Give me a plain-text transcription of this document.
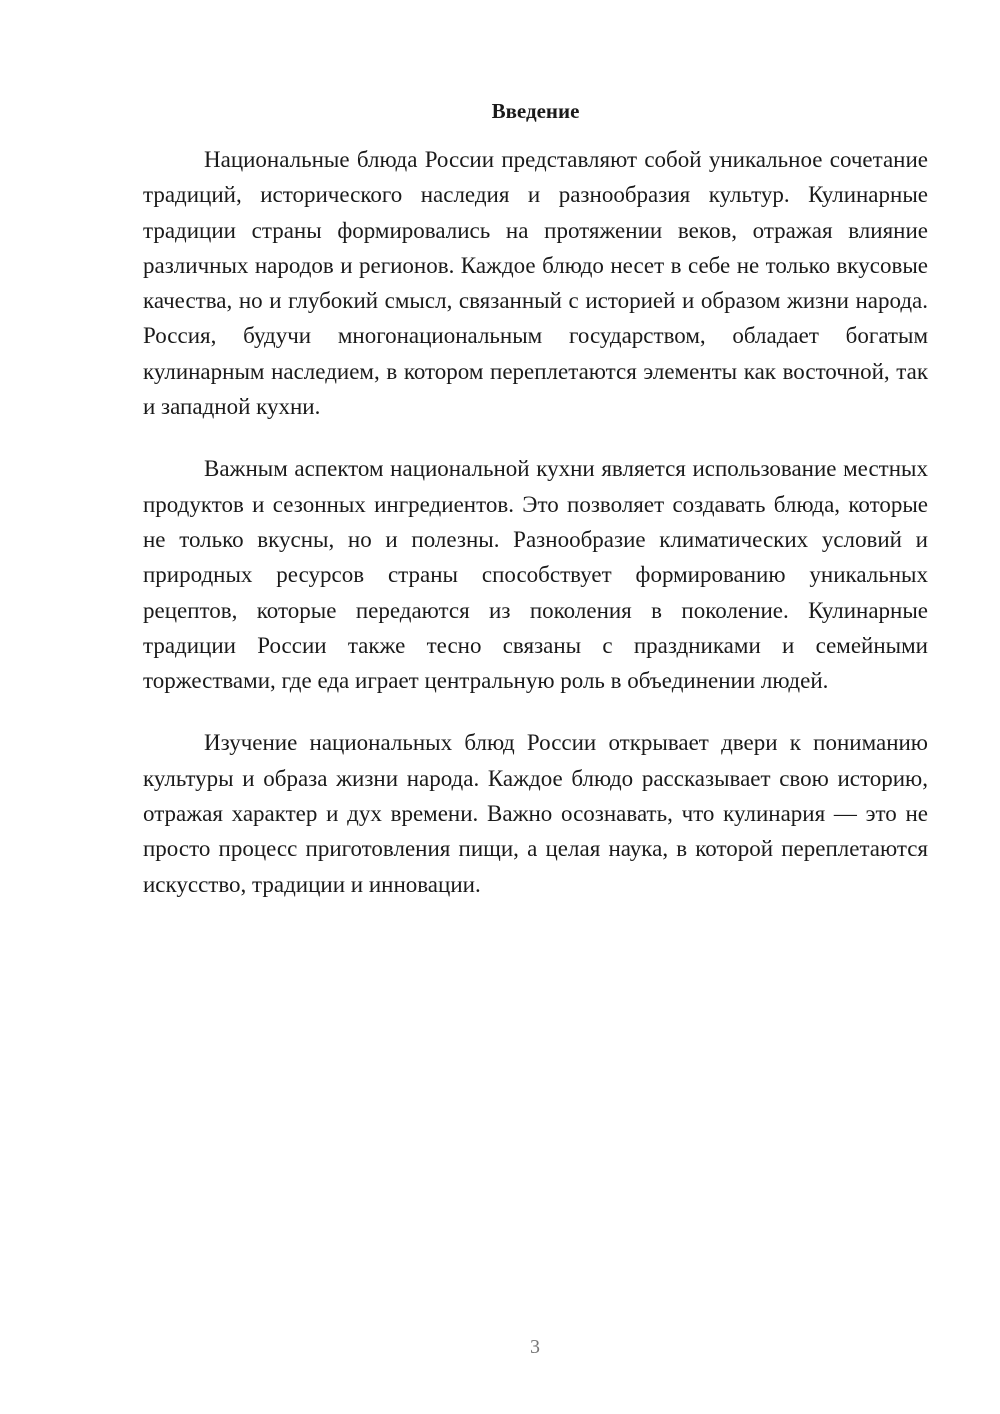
Введение

Национальные блюда России представляют собой уникальное сочетание традиций, исторического наследия и разнообразия культур. Кулинарные традиции страны формировались на протяжении веков, отражая влияние различных народов и регионов. Каждое блюдо несет в себе не только вкусовые качества, но и глубокий смысл, связанный с историей и образом жизни народа. Россия, будучи многонациональным государством, обладает богатым кулинарным наследием, в котором переплетаются элементы как восточной, так и западной кухни.

Важным аспектом национальной кухни является использование местных продуктов и сезонных ингредиентов. Это позволяет создавать блюда, которые не только вкусны, но и полезны. Разнообразие климатических условий и природных ресурсов страны способствует формированию уникальных рецептов, которые передаются из поколения в поколение. Кулинарные традиции России также тесно связаны с праздниками и семейными торжествами, где еда играет центральную роль в объединении людей.

Изучение национальных блюд России открывает двери к пониманию культуры и образа жизни народа. Каждое блюдо рассказывает свою историю, отражая характер и дух времени. Важно осознавать, что кулинария — это не просто процесс приготовления пищи, а целая наука, в которой переплетаются искусство, традиции и инновации.

3
